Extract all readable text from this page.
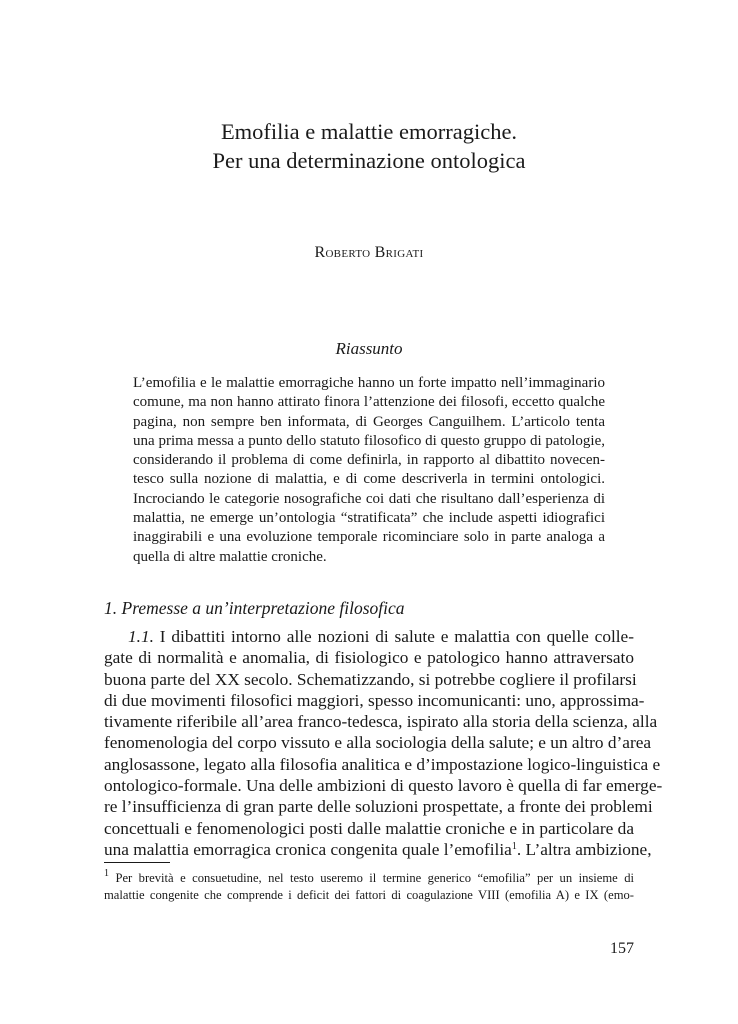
Emofilia e malattie emorragiche.
Per una determinazione ontologica
Roberto Brigati
Riassunto
L’emofilia e le malattie emorragiche hanno un forte impatto nell’immaginario
comune, ma non hanno attirato finora l’attenzione dei filosofi, eccetto qualche
pagina, non sempre ben informata, di Georges Canguilhem. L’articolo tenta
una prima messa a punto dello statuto filosofico di questo gruppo di patologie,
considerando il problema di come definirla, in rapporto al dibattito novecen-
tesco sulla nozione di malattia, e di come descriverla in termini ontologici.
Incrociando le categorie nosografiche coi dati che risultano dall’esperienza di
malattia, ne emerge un’ontologia “stratificata” che include aspetti idiografici
inaggirabili e una evoluzione temporale ricominciare solo in parte analoga a
quella di altre malattie croniche.
1. Premesse a un’interpretazione filosofica
1.1. I dibattiti intorno alle nozioni di salute e malattia con quelle colle-
gate di normalità e anomalia, di fisiologico e patologico hanno attraversato
buona parte del XX secolo. Schematizzando, si potrebbe cogliere il profilarsi
di due movimenti filosofici maggiori, spesso incomunicanti: uno, approssima-
tivamente riferibile all’area franco-tedesca, ispirato alla storia della scienza, alla
fenomenologia del corpo vissuto e alla sociologia della salute; e un altro d’area
anglosassone, legato alla filosofia analitica e d’impostazione logico-linguistica e
ontologico-formale. Una delle ambizioni di questo lavoro è quella di far emerge-
re l’insufficienza di gran parte delle soluzioni prospettate, a fronte dei problemi
concettuali e fenomenologici posti dalle malattie croniche e in particolare da
una malattia emorragica cronica congenita quale l’emofilia$^1$. L’altra ambizione,
$^1$ Per brevità e consuetudine, nel testo useremo il termine generico “emofilia” per un insieme di
malattie congenite che comprende i deficit dei fattori di coagulazione VIII (emofilia A) e IX (emo-
157
